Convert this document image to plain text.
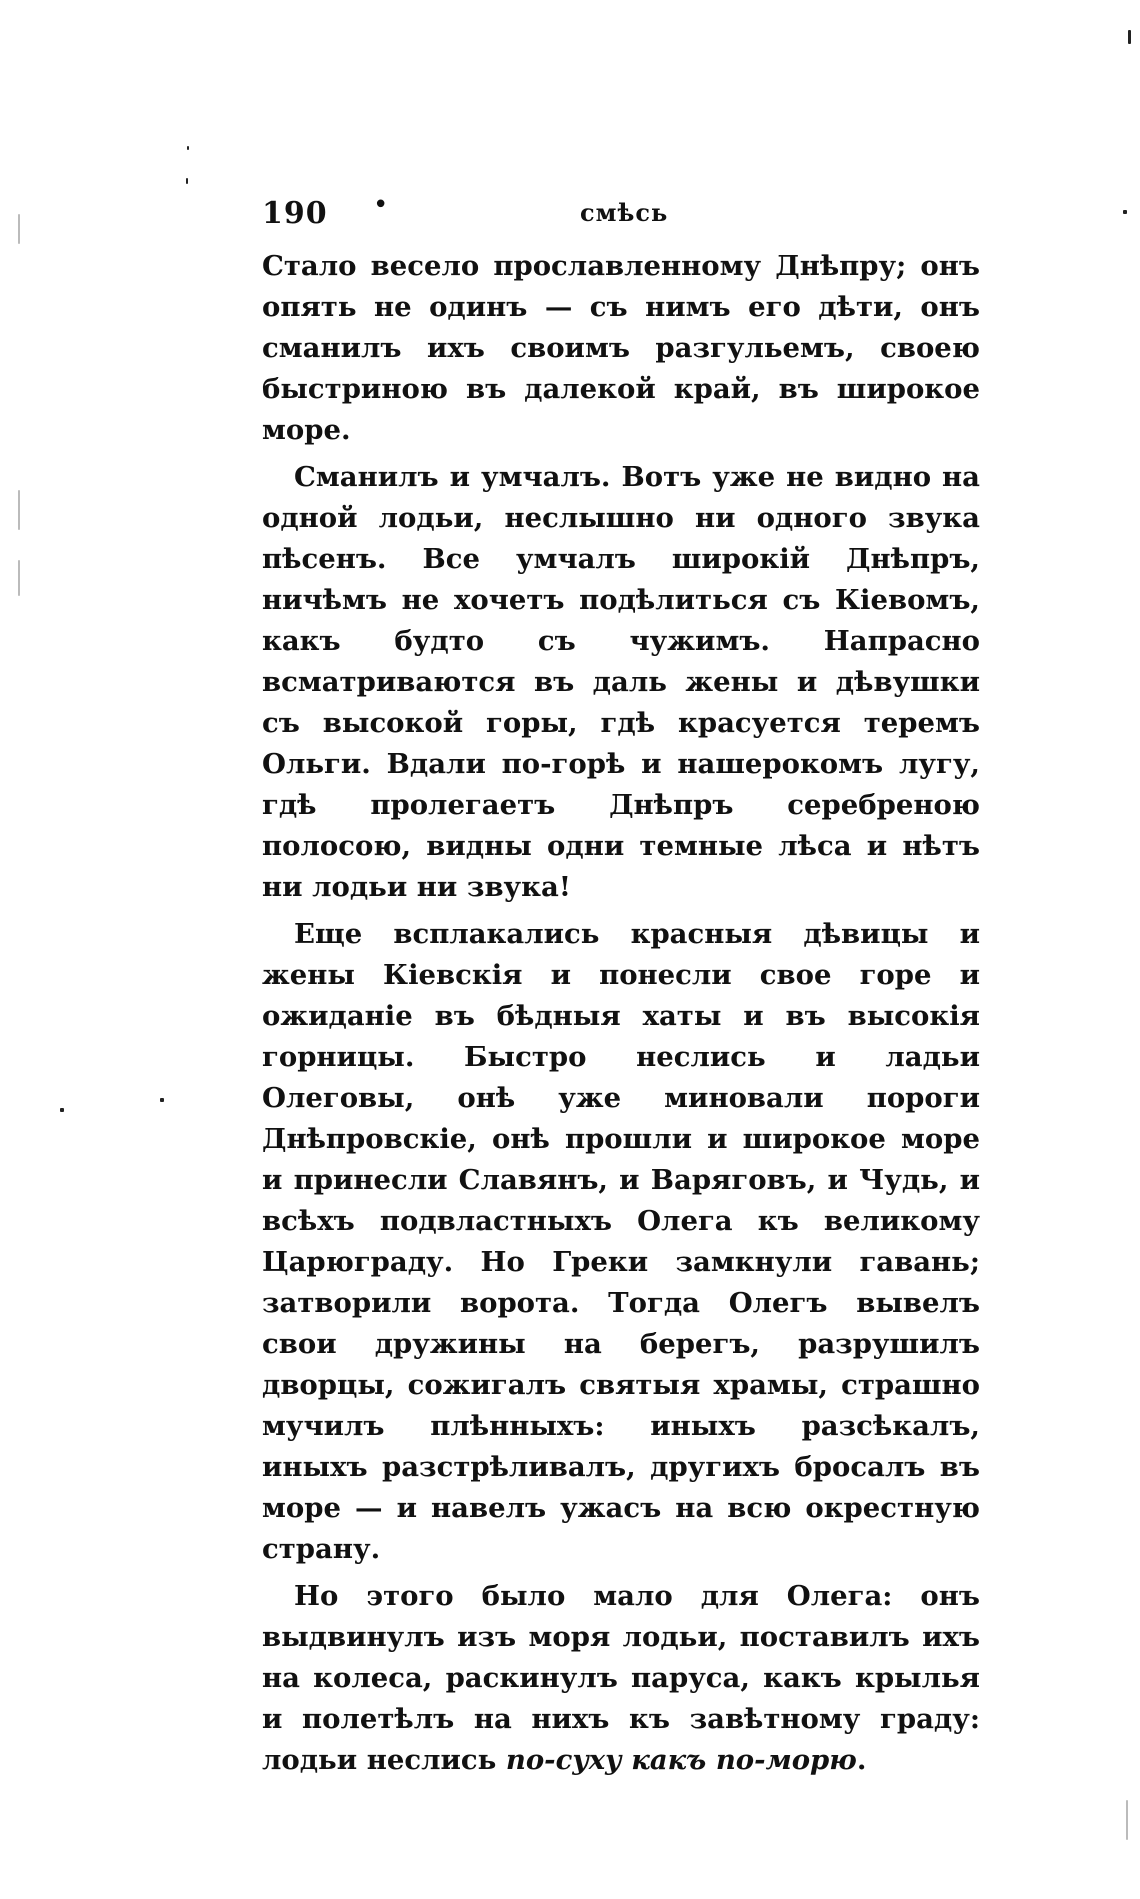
190 •	смѣсь

Стало весело прославленному Днѣпру; онъ опять не одинъ — съ нимъ его дѣти, онъ сманилъ ихъ своимъ разгульемъ, своею быстриною въ далекой край, въ широкое море.

Сманилъ и умчалъ. Вотъ уже не видно на одной лодьи, неслышно ни одного звука пѣсенъ. Все умчалъ широкій Днѣпръ, ничѣмъ не хочетъ подѣлиться съ Кіевомъ, какъ будто съ чужимъ. Напрасно всматриваются въ даль жены и дѣвушки съ высокой горы, гдѣ красуется теремъ Ольги. Вдали по-горѣ и нашерокомъ лугу, гдѣ пролегаетъ Днѣпръ серебреною полосою, видны одни темные лѣса и нѣтъ ни лодьи ни звука!

Еще всплакались красныя дѣвицы и жены Кіевскія и понесли свое горе и ожиданіе въ бѣдныя хаты и въ высокія горницы. Быстро неслись и ладьи Олеговы, онѣ уже миновали пороги Днѣпровскіе, онѣ прошли и широкое море и принесли Славянъ, и Варяговъ, и Чудь, и всѣхъ подвластныхъ Олега къ великому Царюграду. Но Греки замкнули гавань; затворили ворота. Тогда Олегъ вывелъ свои дружины на берегъ, разрушилъ дворцы, сожигалъ святыя храмы, страшно мучилъ плѣнныхъ: иныхъ разсѣкалъ, иныхъ разстрѣливалъ, другихъ бросалъ въ море — и навелъ ужасъ на всю окрестную страну.

Но этого было мало для Олега: онъ выдвинулъ изъ моря лодьи, поставилъ ихъ на колеса, раскинулъ паруса, какъ крылья и полетѣлъ на нихъ къ завѣтному граду: лодьи неслись по-суху какъ по-морю.
